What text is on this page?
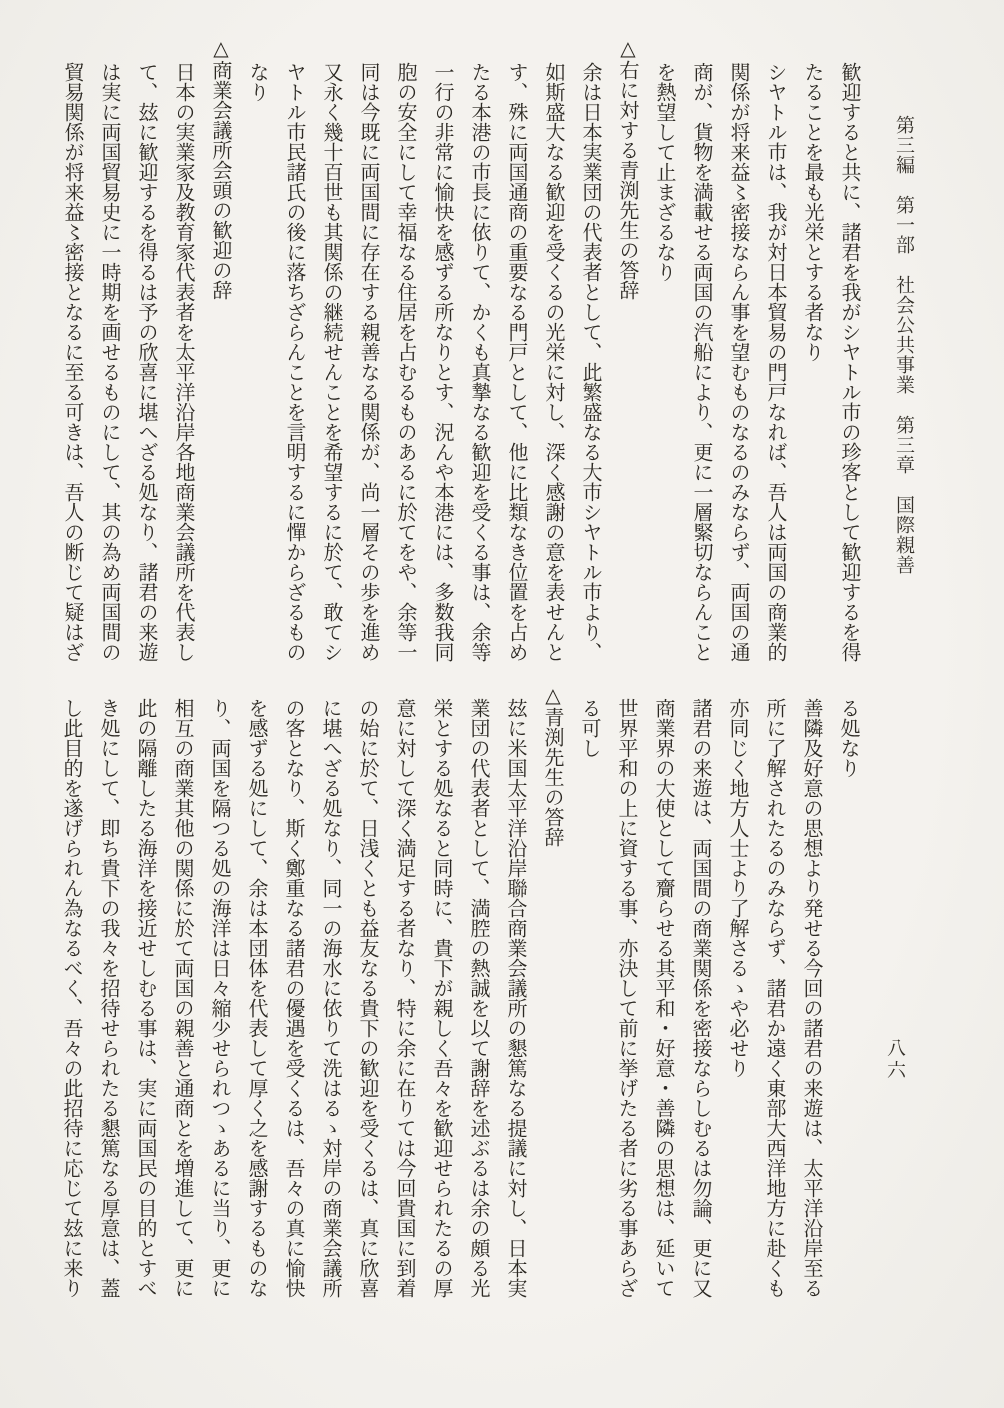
第三編　第一部　社会公共事業　第三章　国際親善
八六

歓迎すると共に、諸君を我がシヤトル市の珍客として歓迎するを得

たることを最も光栄とする者なり

シヤトル市は、我が対日本貿易の門戸なれば、吾人は両国の商業的

関係が将来益〻密接ならん事を望むものなるのみならず、両国の通

商が、貨物を満載せる両国の汽船により、更に一層緊切ならんこと

を熱望して止まざるなり

△右に対する青渕先生の答辞

余は日本実業団の代表者として、此繁盛なる大市シヤトル市より、

如斯盛大なる歓迎を受くるの光栄に対し、深く感謝の意を表せんと

す、殊に両国通商の重要なる門戸として、他に比類なき位置を占め

たる本港の市長に依りて、かくも真摯なる歓迎を受くる事は、余等

一行の非常に愉快を感ずる所なりとす、況んや本港には、多数我同

胞の安全にして幸福なる住居を占むるものあるに於てをや、余等一

同は今既に両国間に存在する親善なる関係が、尚一層その歩を進め

又永く幾十百世も其関係の継続せんことを希望するに於て、敢てシ

ヤトル市民諸氏の後に落ちざらんことを言明するに憚からざるもの

なり

△商業会議所会頭の歓迎の辞

日本の実業家及教育家代表者を太平洋沿岸各地商業会議所を代表し

て、玆に歓迎するを得るは予の欣喜に堪へざる処なり、諸君の来遊

は実に両国貿易史に一時期を画せるものにして、其の為め両国間の

貿易関係が将来益〻密接となるに至る可きは、吾人の断じて疑はざ

る処なり

善隣及好意の思想より発せる今回の諸君の来遊は、太平洋沿岸至る

所に了解されたるのみならず、諸君か遠く東部大西洋地方に赴くも

亦同じく地方人士より了解さるゝや必せり

諸君の来遊は、両国間の商業関係を密接ならしむるは勿論、更に又

商業界の大使として齎らせる其平和・好意・善隣の思想は、延いて

世界平和の上に資する事、亦決して前に挙げたる者に劣る事あらざ

る可し

△青渕先生の答辞

玆に米国太平洋沿岸聯合商業会議所の懇篤なる提議に対し、日本実

業団の代表者として、満腔の熱誠を以て謝辞を述ぶるは余の頗る光

栄とする処なると同時に、貴下が親しく吾々を歓迎せられたるの厚

意に対して深く満足する者なり、特に余に在りては今回貴国に到着

の始に於て、日浅くとも益友なる貴下の歓迎を受くるは、真に欣喜

に堪へざる処なり、同一の海水に依りて洗はるゝ対岸の商業会議所

の客となり、斯く鄭重なる諸君の優遇を受くるは、吾々の真に愉快

を感ずる処にして、余は本団体を代表して厚く之を感謝するものな

り、両国を隔つる処の海洋は日々縮少せられつゝあるに当り、更に

相互の商業其他の関係に於て両国の親善と通商とを増進して、更に

此の隔離したる海洋を接近せしむる事は、実に両国民の目的とすべ

き処にして、即ち貴下の我々を招待せられたる懇篤なる厚意は、蓋

し此目的を遂げられん為なるべく、吾々の此招待に応じて玆に来り
